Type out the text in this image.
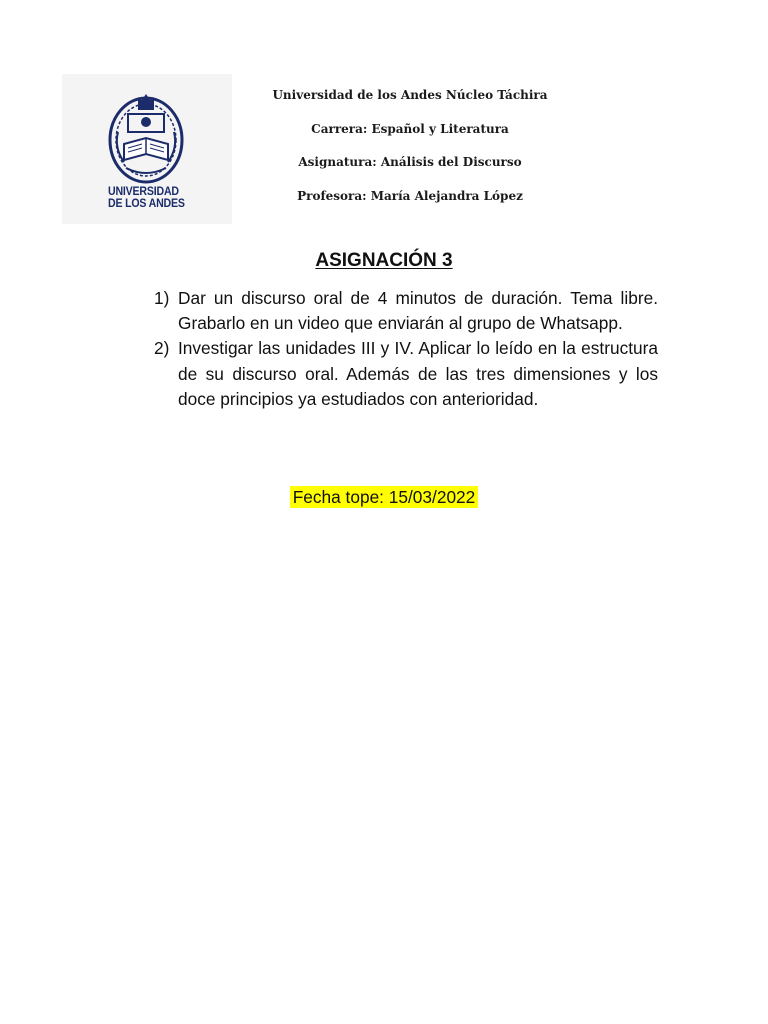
UNIVERSIDAD
DE LOS ANDES
Universidad de los Andes Núcleo Táchira
Carrera: Español y Literatura
Asignatura: Análisis del Discurso
Profesora: María Alejandra López
ASIGNACIÓN 3
1) Dar un discurso oral de 4 minutos de duración. Tema libre. Grabarlo en un video que enviarán al grupo de Whatsapp.
2) Investigar las unidades III y IV. Aplicar lo leído en la estructura de su discurso oral. Además de las tres dimensiones y los doce principios ya estudiados con anterioridad.
Fecha tope: 15/03/2022
